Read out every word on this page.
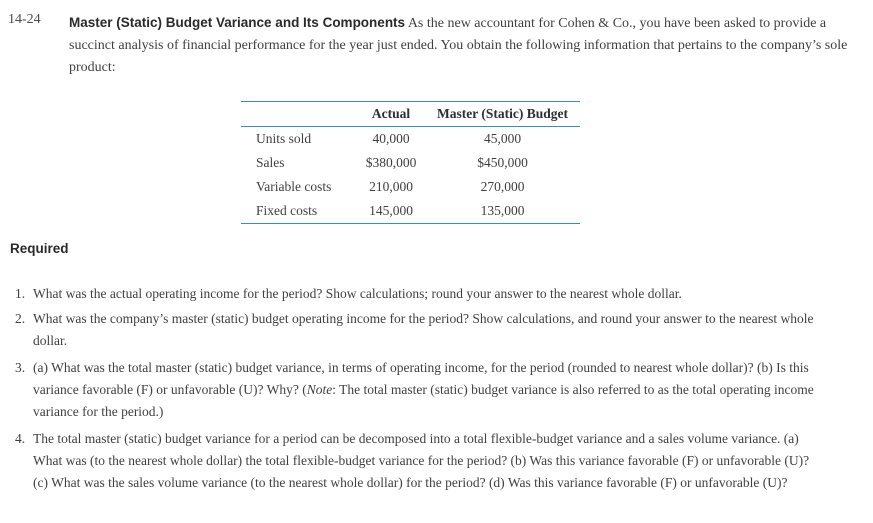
14-24 Master (Static) Budget Variance and Its Components As the new accountant for Cohen & Co., you have been asked to provide a succinct analysis of financial performance for the year just ended. You obtain the following information that pertains to the company’s sole product:
	Actual	Master (Static) Budget
Units sold	40,000	45,000
Sales	$380,000	$450,000
Variable costs	210,000	270,000
Fixed costs	145,000	135,000
Required
1. What was the actual operating income for the period? Show calculations; round your answer to the nearest whole dollar.
2. What was the company’s master (static) budget operating income for the period? Show calculations, and round your answer to the nearest whole dollar.
3. (a) What was the total master (static) budget variance, in terms of operating income, for the period (rounded to nearest whole dollar)? (b) Is this variance favorable (F) or unfavorable (U)? Why? (Note: The total master (static) budget variance is also referred to as the total operating income variance for the period.)
4. The total master (static) budget variance for a period can be decomposed into a total flexible-budget variance and a sales volume variance. (a) What was (to the nearest whole dollar) the total flexible-budget variance for the period? (b) Was this variance favorable (F) or unfavorable (U)? (c) What was the sales volume variance (to the nearest whole dollar) for the period? (d) Was this variance favorable (F) or unfavorable (U)?
